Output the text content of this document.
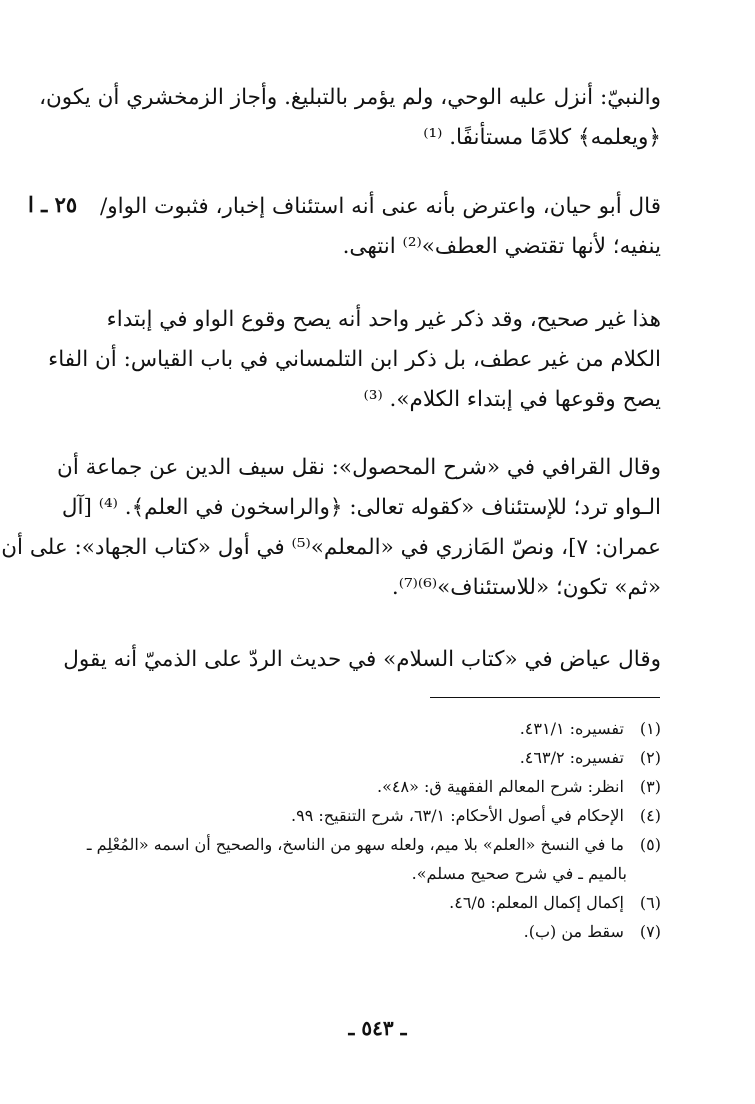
والنبيّ: أنزل عليه الوحي، ولم يؤمر بالتبليغ. وأجاز الزمخشري أن يكون،
﴿ويعلمه﴾ كلامًا مستأنفًا. ⁽¹⁾
قال أبو حيان، واعترض بأنه عنى أنه استئناف إخبار، فثبوت الواو/
ينفيه؛ لأنها تقتضي العطف»⁽²⁾ انتهى.
٢٥ ـ ا
هذا غير صحيح، وقد ذكر غير واحد أنه يصح وقوع الواو في إبتداء
الكلام من غير عطف، بل ذكر ابن التلمساني في باب القياس: أن الفاء
يصح وقوعها في إبتداء الكلام». ⁽³⁾
وقال القرافي في «شرح المحصول»: نقل سيف الدين عن جماعة أن
الـواو ترد؛ للإستئناف «كقوله تعالى: ﴿والراسخون في العلم﴾. ⁽⁴⁾ [آل
عمران: ٧]، ونصّ المَازري في «المعلم»⁽⁵⁾ في أول «كتاب الجهاد»: على أن
«ثم» تكون؛ «للاستئناف»⁽⁶⁾⁽⁷⁾.
وقال عياض في «كتاب السلام» في حديث الردّ على الذميّ أنه يقول
(١) تفسيره: ٤٣١/١.
(٢) تفسيره: ٤٦٣/٢.
(٣) انظر: شرح المعالم الفقهية ق: «٤٨».
(٤) الإحكام في أصول الأحكام: ٦٣/١، شرح التنقيح: ٩٩.
(٥) ما في النسخ «العلم» بلا ميم، ولعله سهو من الناسخ، والصحيح أن اسمه «المُعْلِم ـ
بالميم ـ في شرح صحيح مسلم».
(٦) إكمال إكمال المعلم: ٤٦/٥.
(٧) سقط من (ب).
ـ ٥٤٣ ـ
